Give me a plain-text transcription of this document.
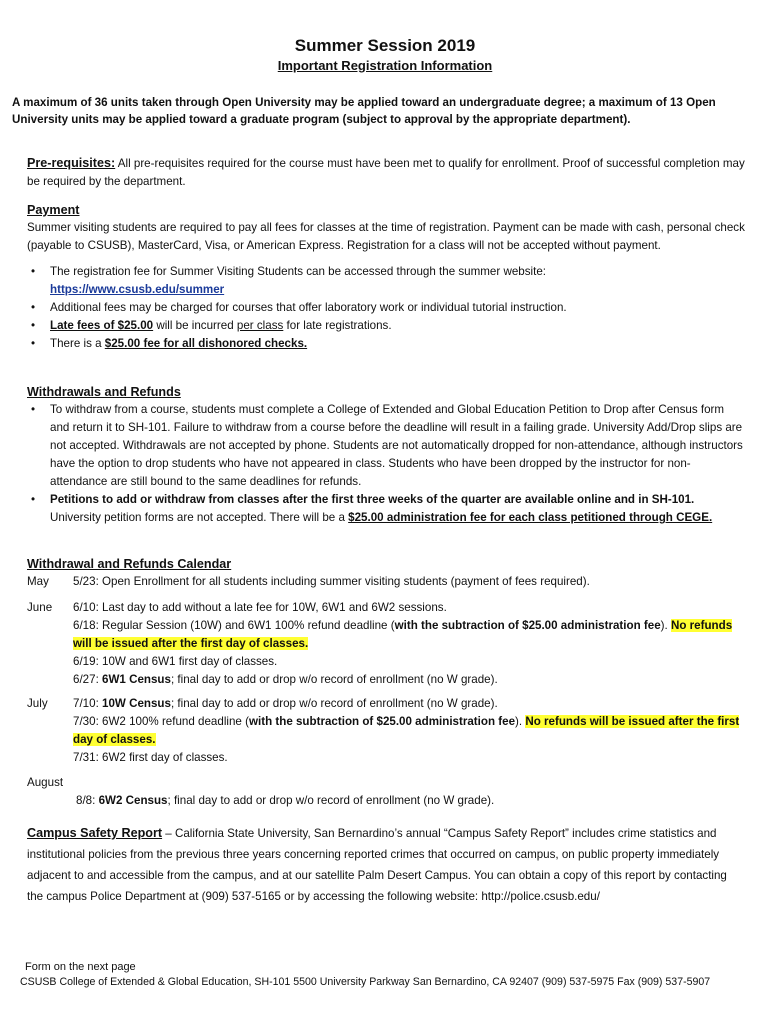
Summer Session 2019
Important Registration Information
A maximum of 36 units taken through Open University may be applied toward an undergraduate degree; a maximum of 13 Open University units may be applied toward a graduate program (subject to approval by the appropriate department).
Pre-requisites: All pre-requisites required for the course must have been met to qualify for enrollment. Proof of successful completion may be required by the department.
Payment
Summer visiting students are required to pay all fees for classes at the time of registration. Payment can be made with cash, personal check (payable to CSUSB), MasterCard, Visa, or American Express. Registration for a class will not be accepted without payment.
• The registration fee for Summer Visiting Students can be accessed through the summer website:
https://www.csusb.edu/summer
• Additional fees may be charged for courses that offer laboratory work or individual tutorial instruction.
• Late fees of $25.00 will be incurred per class for late registrations.
• There is a $25.00 fee for all dishonored checks.
Withdrawals and Refunds
• To withdraw from a course, students must complete a College of Extended and Global Education Petition to Drop after Census form and return it to SH-101. Failure to withdraw from a course before the deadline will result in a failing grade. University Add/Drop slips are not accepted. Withdrawals are not accepted by phone. Students are not automatically dropped for non-attendance, although instructors have the option to drop students who have not appeared in class. Students who have been dropped by the instructor for non-attendance are still bound to the same deadlines for refunds.
• Petitions to add or withdraw from classes after the first three weeks of the quarter are available online and in SH-101. University petition forms are not accepted. There will be a $25.00 administration fee for each class petitioned through CEGE.
Withdrawal and Refunds Calendar
May 5/23: Open Enrollment for all students including summer visiting students (payment of fees required).
June 6/10: Last day to add without a late fee for 10W, 6W1 and 6W2 sessions.
6/18: Regular Session (10W) and 6W1 100% refund deadline (with the subtraction of $25.00 administration fee). No refunds will be issued after the first day of classes.
6/19: 10W and 6W1 first day of classes.
6/27: 6W1 Census; final day to add or drop w/o record of enrollment (no W grade).
July 7/10: 10W Census; final day to add or drop w/o record of enrollment (no W grade).
7/30: 6W2 100% refund deadline (with the subtraction of $25.00 administration fee). No refunds will be issued after the first day of classes.
7/31: 6W2 first day of classes.
August
8/8: 6W2 Census; final day to add or drop w/o record of enrollment (no W grade).
Campus Safety Report – California State University, San Bernardino’s annual “Campus Safety Report” includes crime statistics and institutional policies from the previous three years concerning reported crimes that occurred on campus, on public property immediately adjacent to and accessible from the campus, and at our satellite Palm Desert Campus. You can obtain a copy of this report by contacting the campus Police Department at (909) 537-5165 or by accessing the following website: http://police.csusb.edu/
Form on the next page
CSUSB College of Extended & Global Education, SH-101 5500 University Parkway San Bernardino, CA 92407 (909) 537-5975 Fax (909) 537-5907
